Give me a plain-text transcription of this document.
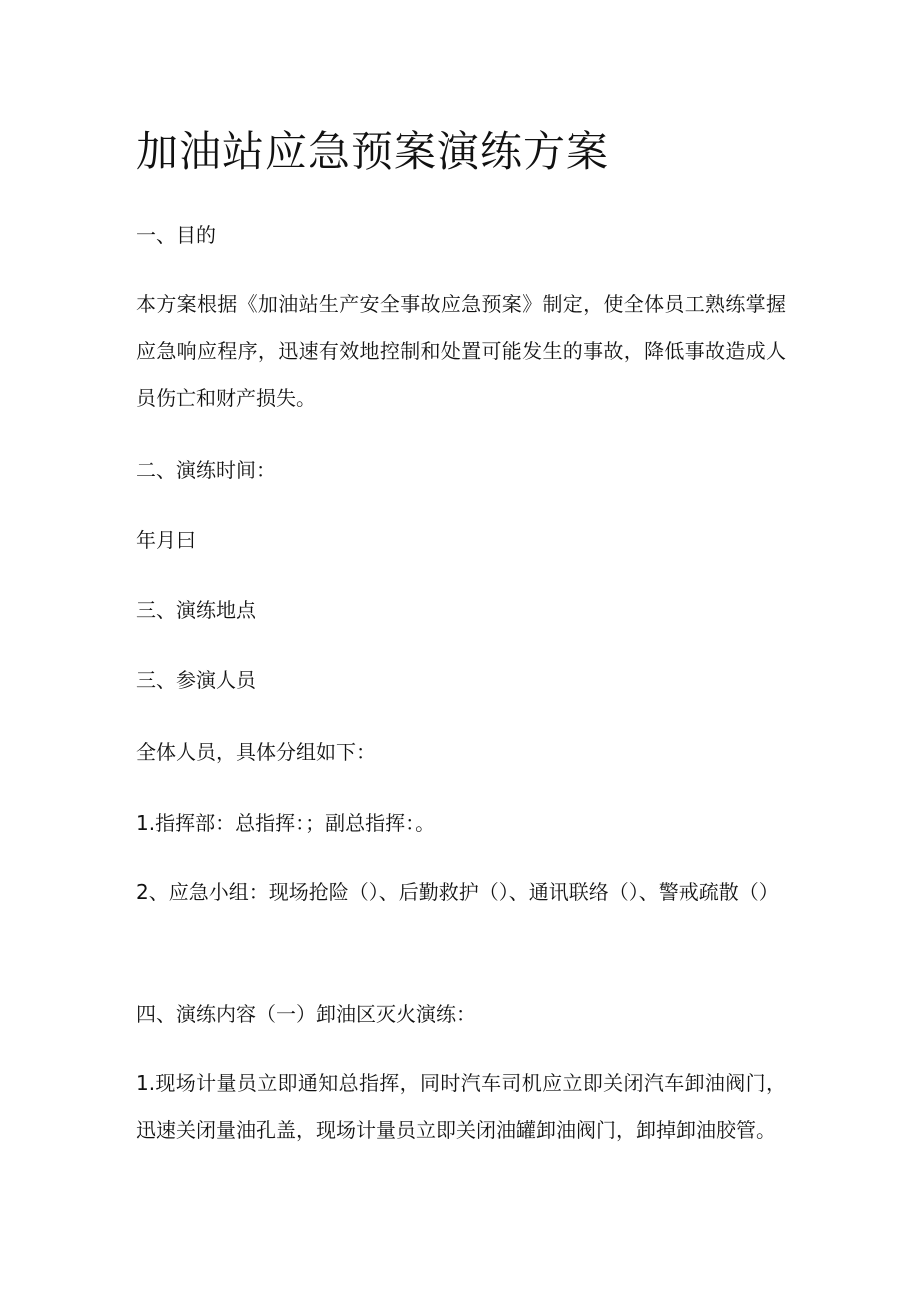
加油站应急预案演练方案

一、目的

本方案根据《加油站生产安全事故应急预案》制定，使全体员工熟练掌握应急响应程序，迅速有效地控制和处置可能发生的事故，降低事故造成人员伤亡和财产损失。

二、演练时间：

年月曰

三、演练地点

三、参演人员

全体人员，具体分组如下：

1.指挥部：总指挥：；副总指挥：。

2、应急小组：现场抢险（）、后勤救护（）、通讯联络（）、警戒疏散（）

四、演练内容（一）卸油区灭火演练：

1.现场计量员立即通知总指挥，同时汽车司机应立即关闭汽车卸油阀门，迅速关闭量油孔盖，现场计量员立即关闭油罐卸油阀门，卸掉卸油胶管。
